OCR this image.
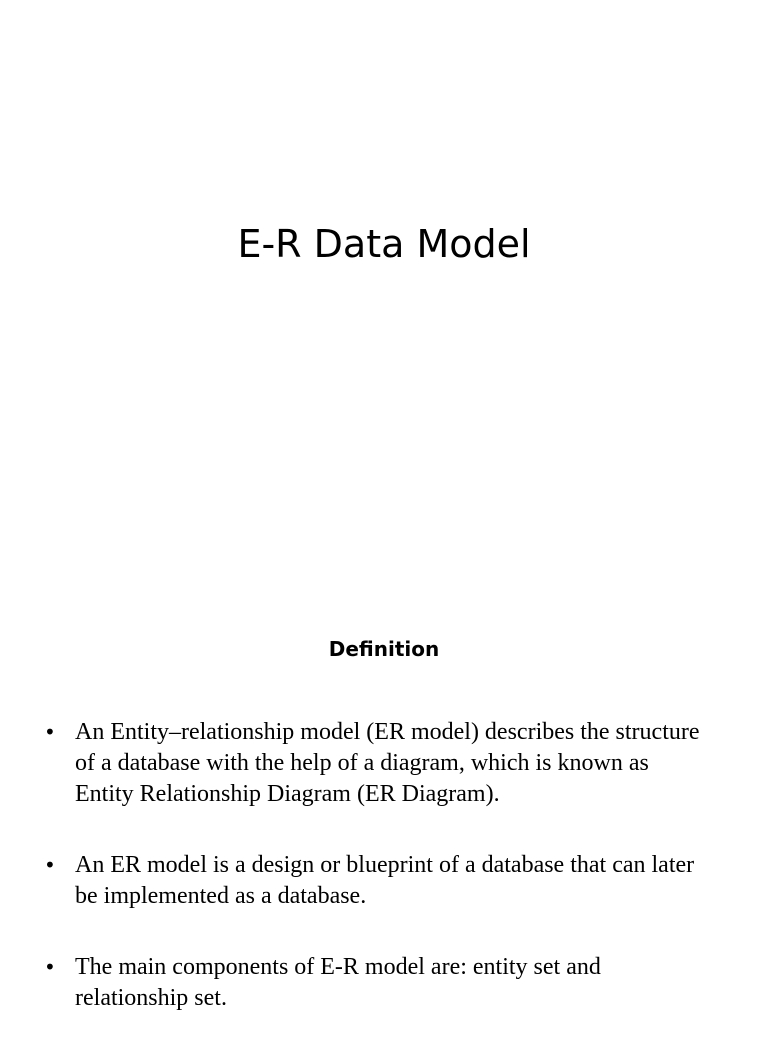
E-R Data Model
Definition
• An Entity–relationship model (ER model) describes the structure of a database with the help of a diagram, which is known as Entity Relationship Diagram (ER Diagram).
• An ER model is a design or blueprint of a database that can later be implemented as a database.
• The main components of E-R model are: entity set and relationship set.
